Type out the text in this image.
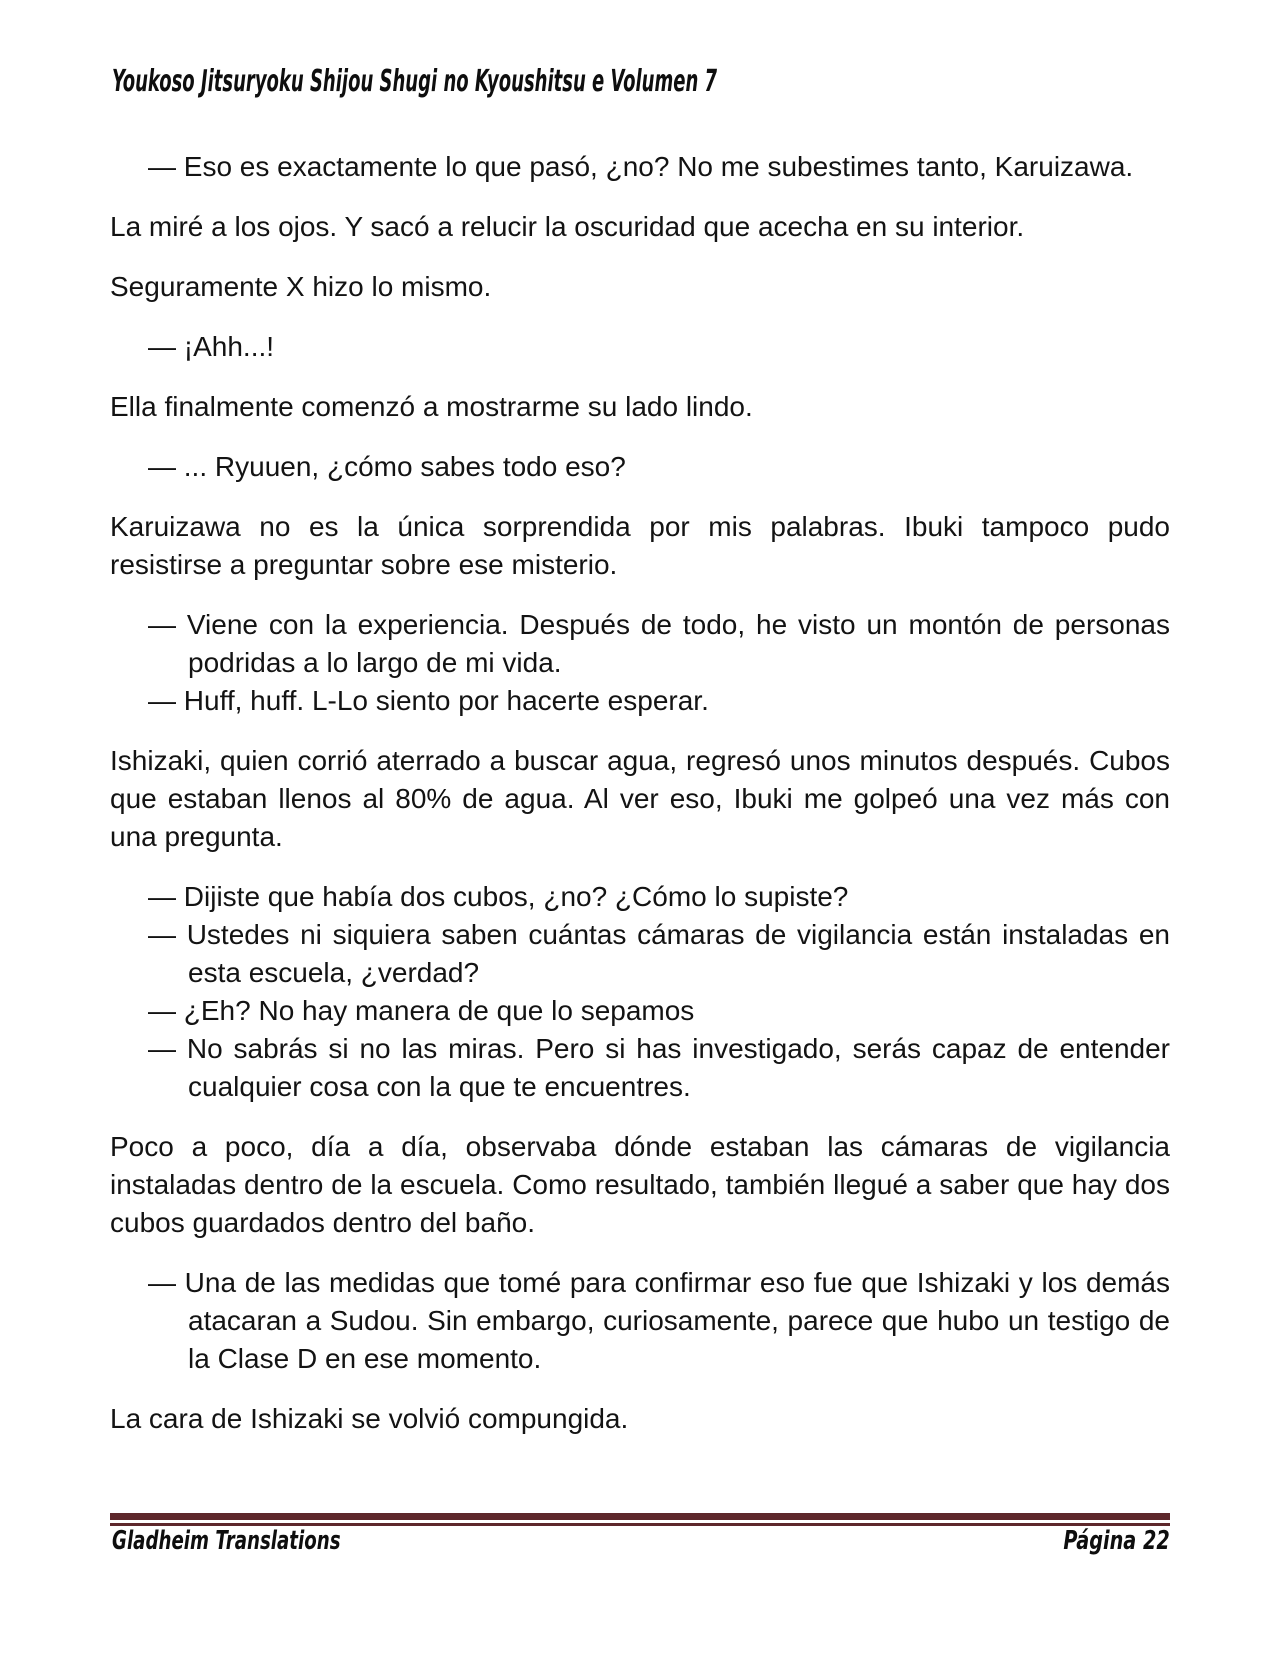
Youkoso Jitsuryoku Shijou Shugi no Kyoushitsu e Volumen 7
— Eso es exactamente lo que pasó, ¿no? No me subestimes tanto, Karuizawa.
La miré a los ojos. Y sacó a relucir la oscuridad que acecha en su interior.
Seguramente X hizo lo mismo.
— ¡Ahh...!
Ella finalmente comenzó a mostrarme su lado lindo.
— ... Ryuuen, ¿cómo sabes todo eso?
Karuizawa no es la única sorprendida por mis palabras. Ibuki tampoco pudo resistirse a preguntar sobre ese misterio.
— Viene con la experiencia. Después de todo, he visto un montón de personas podridas a lo largo de mi vida.
— Huff, huff. L-Lo siento por hacerte esperar.
Ishizaki, quien corrió aterrado a buscar agua, regresó unos minutos después. Cubos que estaban llenos al 80% de agua. Al ver eso, Ibuki me golpeó una vez más con una pregunta.
— Dijiste que había dos cubos, ¿no? ¿Cómo lo supiste?
— Ustedes ni siquiera saben cuántas cámaras de vigilancia están instaladas en esta escuela, ¿verdad?
— ¿Eh? No hay manera de que lo sepamos
— No sabrás si no las miras. Pero si has investigado, serás capaz de entender cualquier cosa con la que te encuentres.
Poco a poco, día a día, observaba dónde estaban las cámaras de vigilancia instaladas dentro de la escuela. Como resultado, también llegué a saber que hay dos cubos guardados dentro del baño.
— Una de las medidas que tomé para confirmar eso fue que Ishizaki y los demás atacaran a Sudou. Sin embargo, curiosamente, parece que hubo un testigo de la Clase D en ese momento.
La cara de Ishizaki se volvió compungida.
Gladheim Translations	Página 22
